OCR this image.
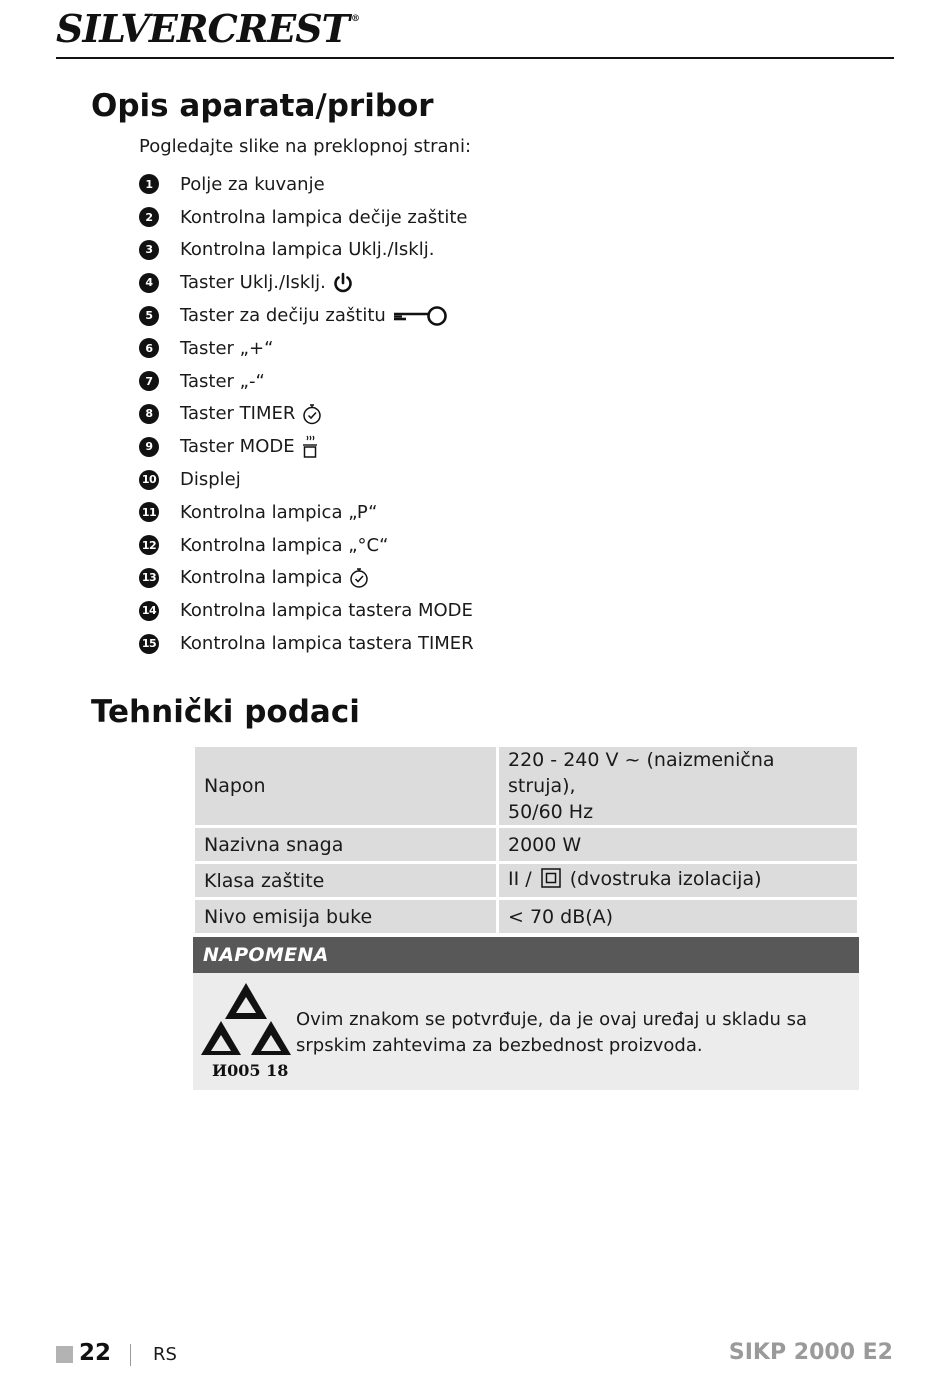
SILVERCREST ®
Opis aparata/pribor
Pogledajte slike na preklopnoj strani:
1	Polje za kuvanje
2	Kontrolna lampica dečije zaštite
3	Kontrolna lampica Uklj./Isklj.
4	Taster Uklj./Isklj.
5	Taster za dečiju zaštitu
6	Taster „+“
7	Taster „-“
8	Taster TIMER
9	Taster MODE
10 Displej
11 Kontrolna lampica „P“
12 Kontrolna lampica „°C“
13 Kontrolna lampica
14 Kontrolna lampica tastera MODE
15 Kontrolna lampica tastera TIMER
Tehnički podaci
Napon	220 - 240 V ~ (naizmenična struja),
50/60 Hz

Nazivna snaga	2000 W
Klasa zaštite	II / (dvostruka izolacija)
Nivo emisija buke	< 70 dB(A)
NAPOMENA
И005 18
Ovim znakom se potvrđuje, da je ovaj uređaj u skladu sa srpskim zahtevima za bezbednost proizvoda.
22 RS	SIKP 2000 E2
